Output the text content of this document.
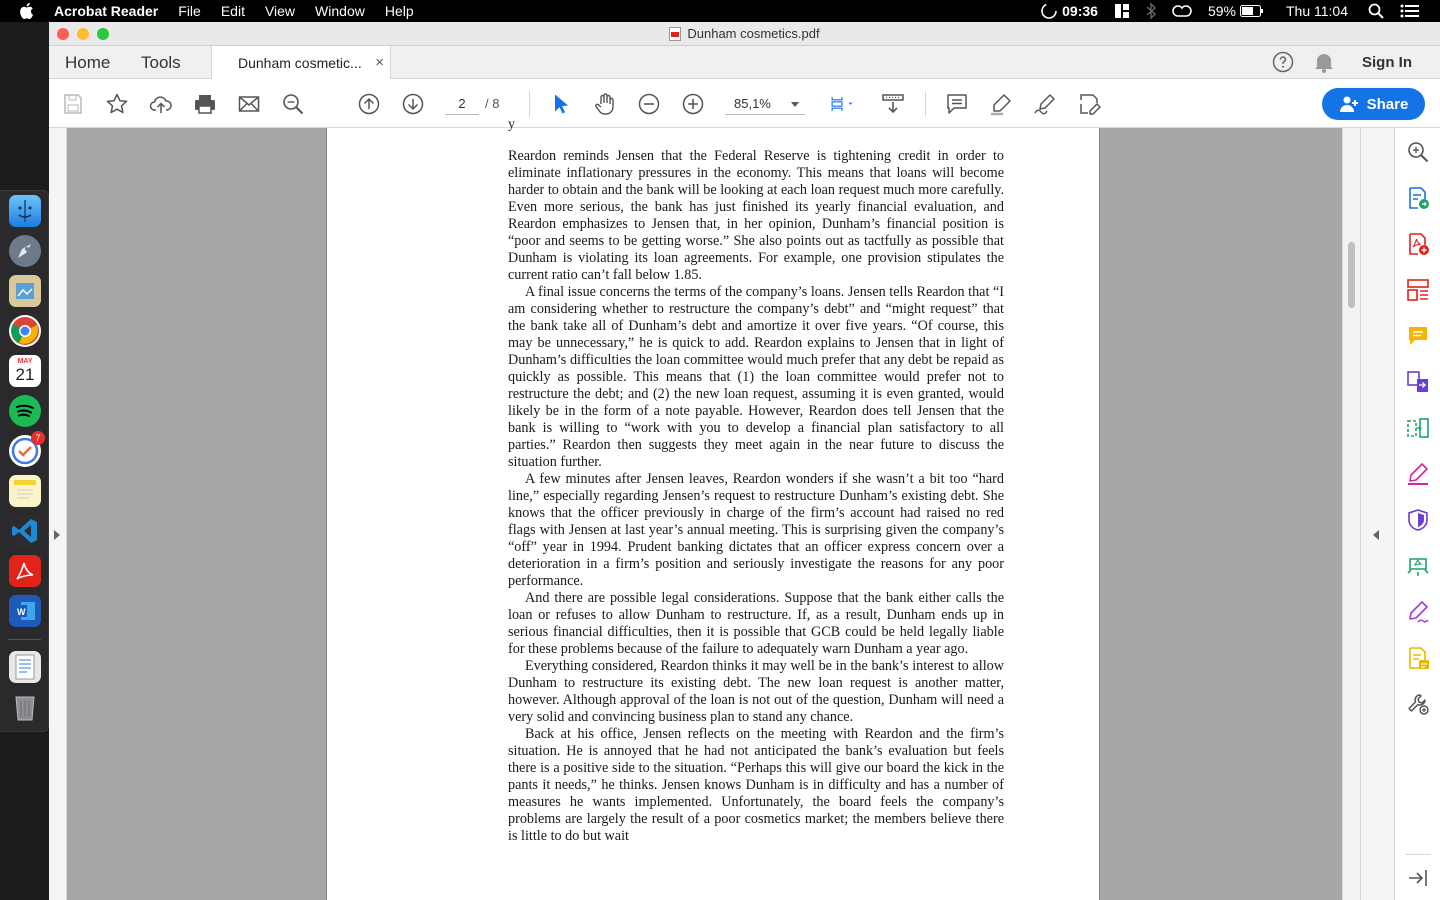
Acrobat Reader File Edit View Window Help	09:36	59%	Thu 11:04
MAY
21
7
W
Dunham cosmetics.pdf
Home Tools	Dunham cosmetic... ×	Sign In
2	/ 8	85,1%	Share
y

Reardon reminds Jensen that the Federal Reserve is tightening credit in order to eliminate inflationary pressures in the economy. This means that loans will become harder to obtain and the bank will be looking at each loan request much more carefully. Even more serious, the bank has just finished its yearly financial evaluation, and Reardon emphasizes to Jensen that, in her opinion, Dunham’s financial position is “poor and seems to be getting worse.” She also points out as tactfully as possible that Dunham is violating its loan agreements. For example, one provision stipulates the current ratio can’t fall below 1.85.

A final issue concerns the terms of the company’s loans. Jensen tells Reardon that “I am considering whether to restructure the company’s debt” and “might request” that the bank take all of Dunham’s debt and amortize it over five years. “Of course, this may be unnecessary,” he is quick to add. Reardon explains to Jensen that in light of Dunham’s difficulties the loan committee would much prefer that any debt be repaid as quickly as possible. This means that (1) the loan committee would prefer not to restructure the debt; and (2) the new loan request, assuming it is even granted, would likely be in the form of a note payable. However, Reardon does tell Jensen that the bank is willing to “work with you to develop a financial plan satisfactory to all parties.” Reardon then suggests they meet again in the near future to discuss the situation further.

A few minutes after Jensen leaves, Reardon wonders if she wasn’t a bit too “hard line,” especially regarding Jensen’s request to restructure Dunham’s existing debt. She knows that the officer previously in charge of the firm’s account had raised no red flags with Jensen at last year’s annual meeting. This is surprising given the company’s “off” year in 1994. Prudent banking dictates that an officer express concern over a deterioration in a firm’s position and seriously investigate the reasons for any poor performance.

And there are possible legal considerations. Suppose that the bank either calls the loan or refuses to allow Dunham to restructure. If, as a result, Dunham ends up in serious financial difficulties, then it is possible that GCB could be held legally liable for these problems because of the failure to adequately warn Dunham a year ago.

Everything considered, Reardon thinks it may well be in the bank’s interest to allow Dunham to restructure its existing debt. The new loan request is another matter, however. Although approval of the loan is not out of the question, Dunham will need a very solid and convincing business plan to stand any chance.

Back at his office, Jensen reflects on the meeting with Reardon and the firm’s situation. He is annoyed that he had not anticipated the bank’s evaluation but feels there is a positive side to the situation. “Perhaps this will give our board the kick in the pants it needs,” he thinks. Jensen knows Dunham is in difficulty and has a number of measures he wants implemented. Unfortunately, the board feels the company’s problems are largely the result of a poor cosmetics market; the members believe there is little to do but wait
